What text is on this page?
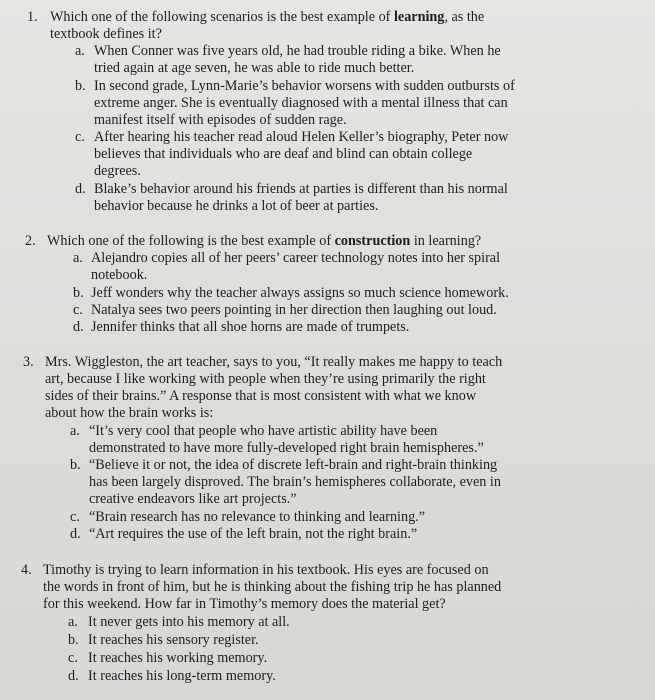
1. Which one of the following scenarios is the best example of learning, as the
textbook defines it?
a. When Conner was five years old, he had trouble riding a bike. When he
tried again at age seven, he was able to ride much better.
b. In second grade, Lynn-Marie’s behavior worsens with sudden outbursts of
extreme anger. She is eventually diagnosed with a mental illness that can
manifest itself with episodes of sudden rage.
c. After hearing his teacher read aloud Helen Keller’s biography, Peter now
believes that individuals who are deaf and blind can obtain college
degrees.
d. Blake’s behavior around his friends at parties is different than his normal
behavior because he drinks a lot of beer at parties.
2. Which one of the following is the best example of construction in learning?
a. Alejandro copies all of her peers’ career technology notes into her spiral
notebook.
b. Jeff wonders why the teacher always assigns so much science homework.
c. Natalya sees two peers pointing in her direction then laughing out loud.
d. Jennifer thinks that all shoe horns are made of trumpets.
3. Mrs. Wiggleston, the art teacher, says to you, “It really makes me happy to teach
art, because I like working with people when they’re using primarily the right
sides of their brains.” A response that is most consistent with what we know
about how the brain works is:
a. “It’s very cool that people who have artistic ability have been
demonstrated to have more fully-developed right brain hemispheres.”
b. “Believe it or not, the idea of discrete left-brain and right-brain thinking
has been largely disproved. The brain’s hemispheres collaborate, even in
creative endeavors like art projects.”
c. “Brain research has no relevance to thinking and learning.”
d. “Art requires the use of the left brain, not the right brain.”
4. Timothy is trying to learn information in his textbook. His eyes are focused on
the words in front of him, but he is thinking about the fishing trip he has planned
for this weekend. How far in Timothy’s memory does the material get?
a. It never gets into his memory at all.
b. It reaches his sensory register.
c. It reaches his working memory.
d. It reaches his long-term memory.
